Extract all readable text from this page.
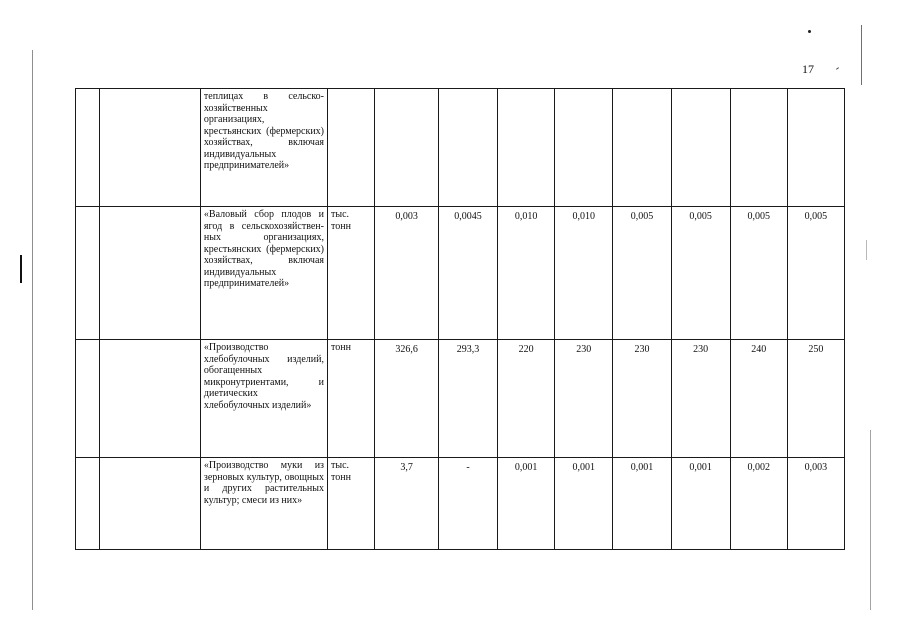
17
		теплицах в сельско-хозяйственных организациях, крестьянских (фермерских) хозяйствах, включая индивидуальных предпринимателей»									
		«Валовый сбор плодов и ягод в сельскохозяйствен-ных организациях, крестьянских (фермерских) хозяйствах, включая индивидуальных предпринимателей»	тыс. тонн	0,003	0,0045	0,010	0,010	0,005	0,005	0,005	0,005
		«Производство хлебобулочных изделий, обогащенных микронутриентами, и диетических хлебобулочных изделий»	тонн	326,6	293,3	220	230	230	230	240	250
		«Производство муки из зерновых культур, овощных и других растительных культур; смеси из них»	тыс. тонн	3,7	-	0,001	0,001	0,001	0,001	0,002	0,003
